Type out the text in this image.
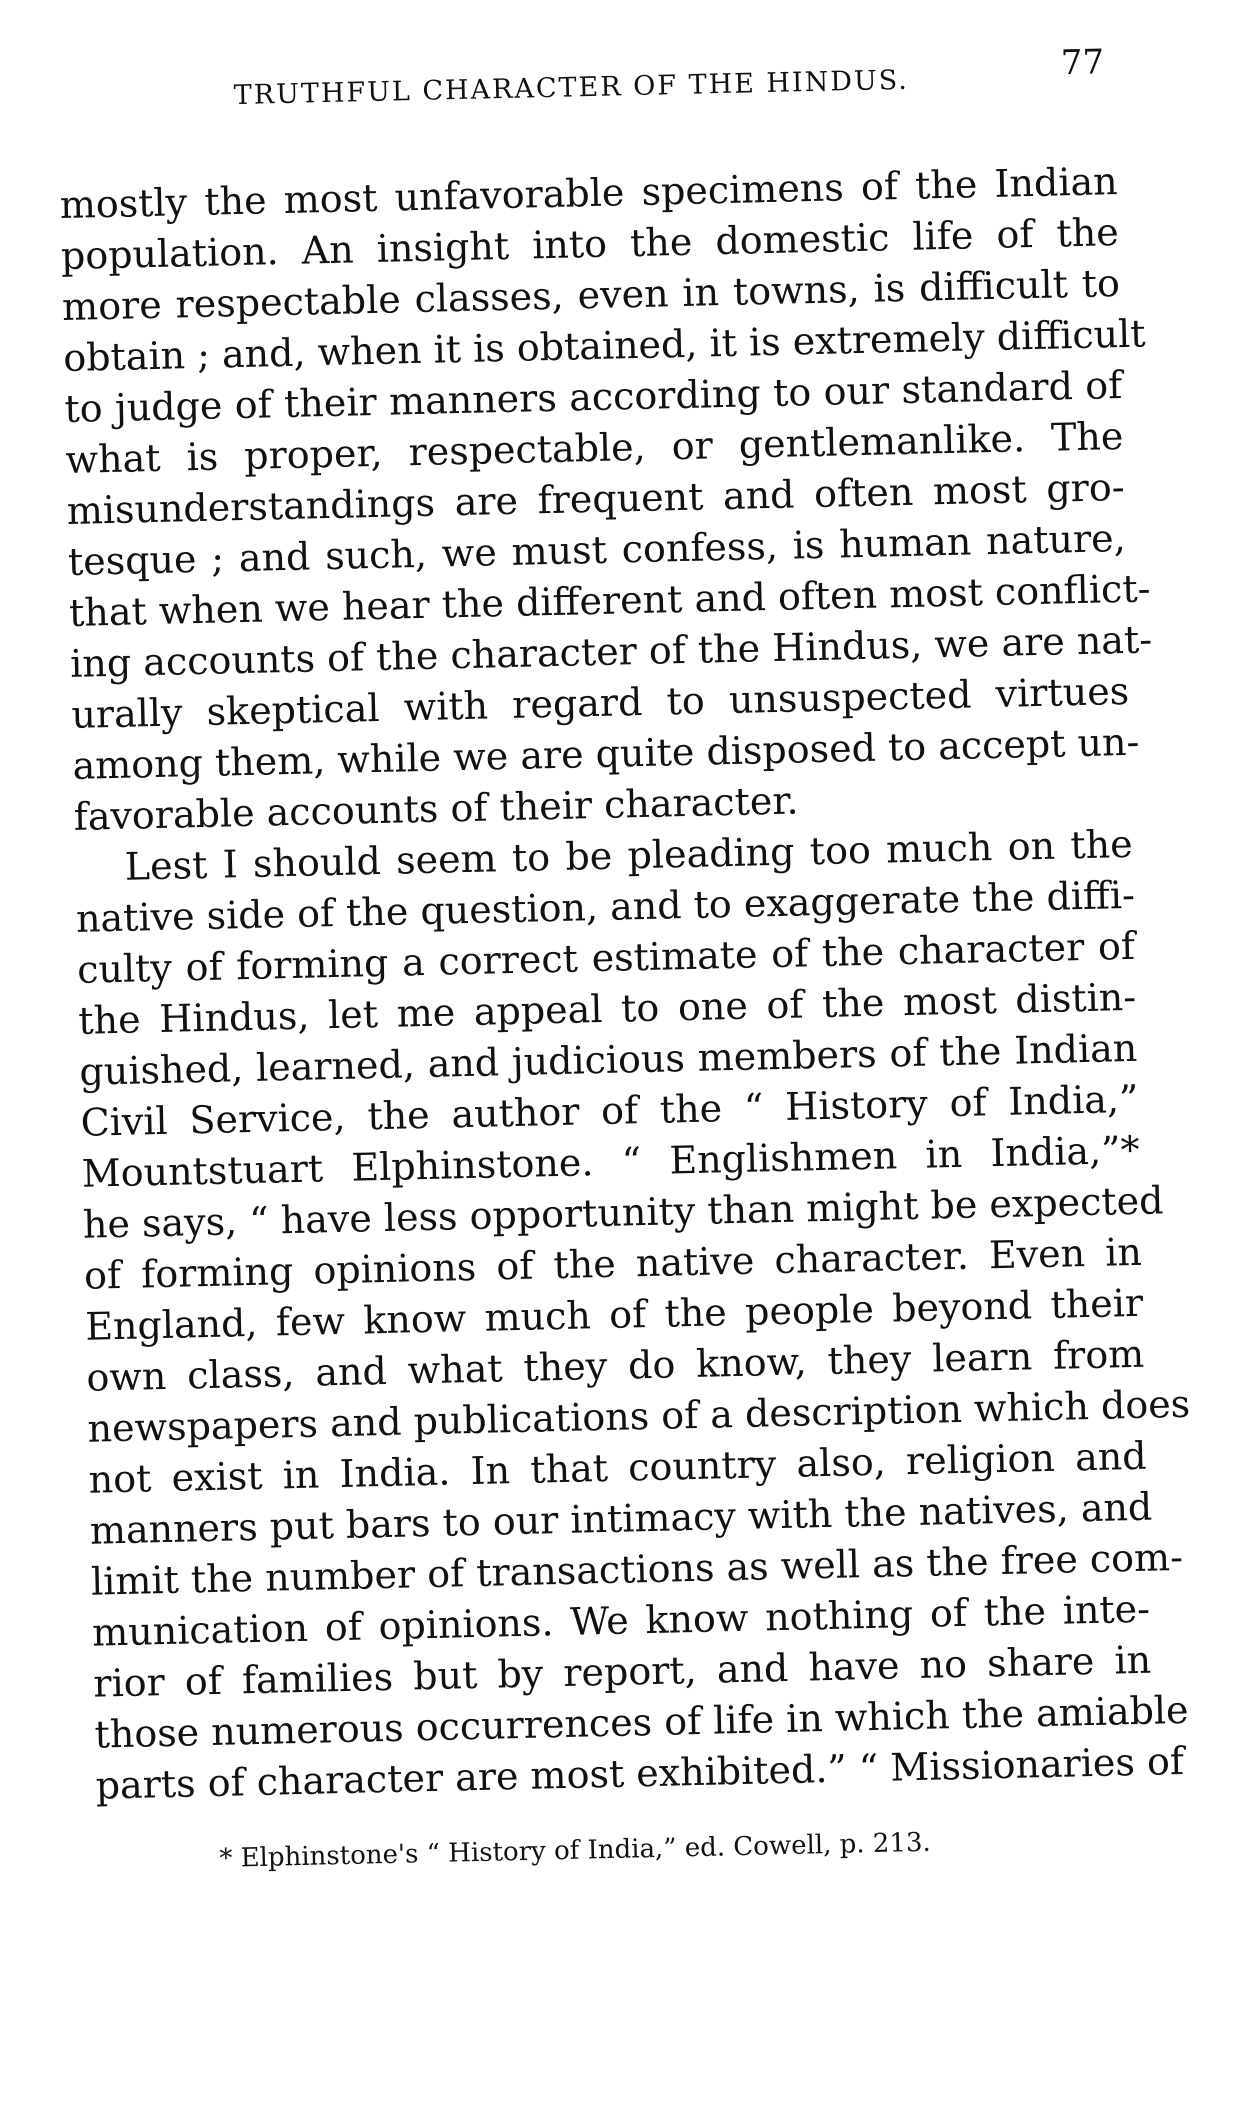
TRUTHFUL CHARACTER OF THE HINDUS.
77
mostly the most unfavorable specimens of the Indian
population. An insight into the domestic life of the
more respectable classes, even in towns, is difficult to
obtain ; and, when it is obtained, it is extremely difficult
to judge of their manners according to our standard of
what is proper, respectable, or gentlemanlike. The
misunderstandings are frequent and often most gro-
tesque ; and such, we must confess, is human nature,
that when we hear the different and often most conflict-
ing accounts of the character of the Hindus, we are nat-
urally skeptical with regard to unsuspected virtues
among them, while we are quite disposed to accept un-
favorable accounts of their character.
Lest I should seem to be pleading too much on the
native side of the question, and to exaggerate the diffi-
culty of forming a correct estimate of the character of
the Hindus, let me appeal to one of the most distin-
guished, learned, and judicious members of the Indian
Civil Service, the author of the “ History of India,”
Mountstuart Elphinstone. “ Englishmen in India,”*
he says, “ have less opportunity than might be expected
of forming opinions of the native character. Even in
England, few know much of the people beyond their
own class, and what they do know, they learn from
newspapers and publications of a description which does
not exist in India. In that country also, religion and
manners put bars to our intimacy with the natives, and
limit the number of transactions as well as the free com-
munication of opinions. We know nothing of the inte-
rior of families but by report, and have no share in
those numerous occurrences of life in which the amiable
parts of character are most exhibited.” “ Missionaries of
* Elphinstone's “ History of India,” ed. Cowell, p. 213.
